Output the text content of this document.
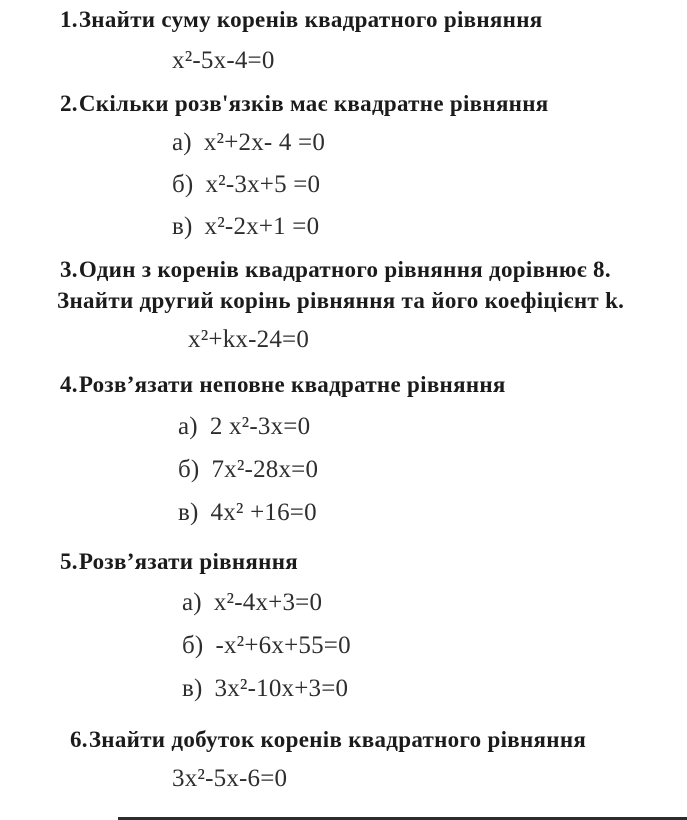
1.Знайти суму коренів квадратного рівняння
x²-5x-4=0
2.Скільки розв'язків має квадратне рівняння
а) x²+2x- 4 =0
б) x²-3x+5 =0
в) x²-2x+1 =0
3.Один з коренів квадратного рівняння дорівнює 8.
Знайти другий корінь рівняння та його коефіцієнт k.
x²+kx-24=0
4.Розв’язати неповне квадратне рівняння
а) 2 x²-3x=0
б) 7x²-28x=0
в) 4x² +16=0
5.Розв’язати рівняння
а) x²-4x+3=0
б) -x²+6x+55=0
в) 3x²-10x+3=0
6.Знайти добуток коренів квадратного рівняння
3x²-5x-6=0
